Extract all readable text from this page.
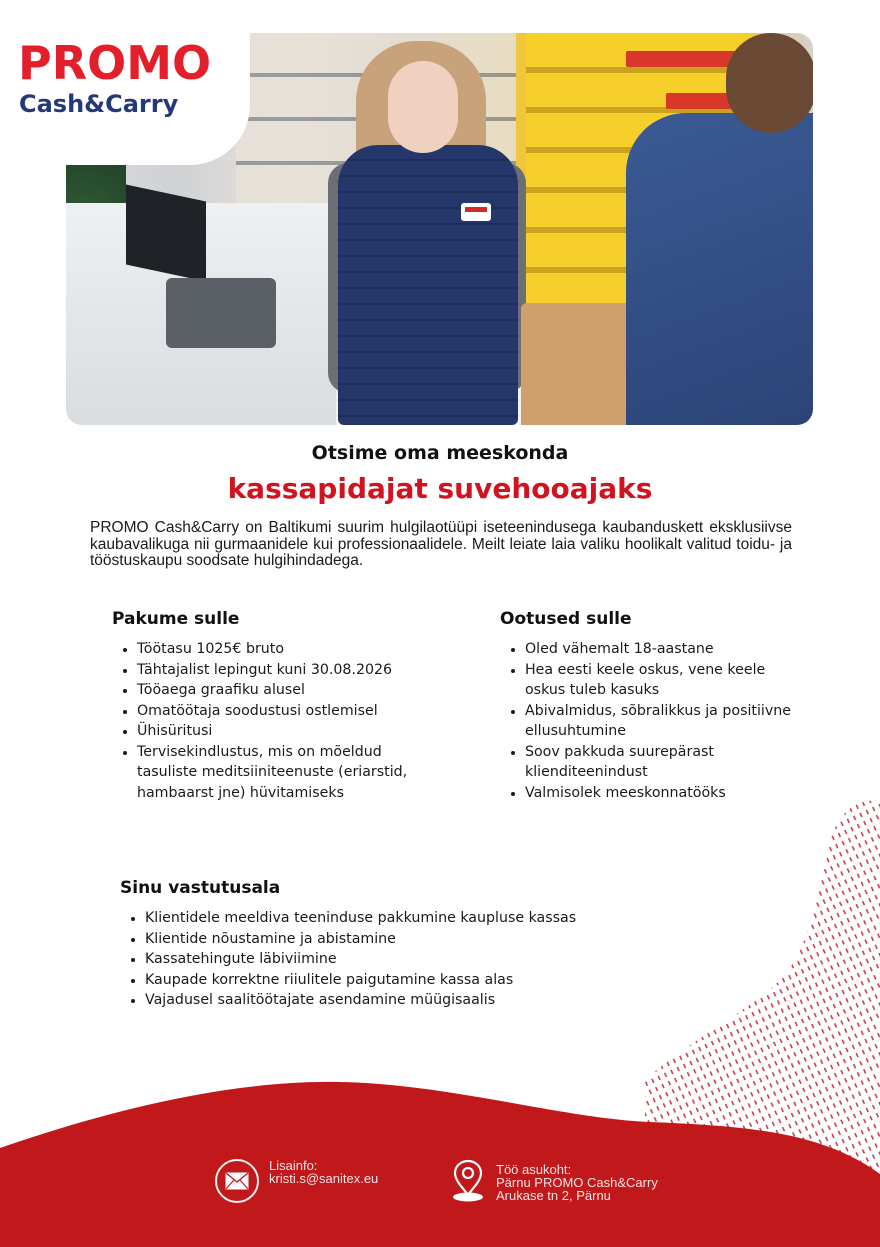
PROMO
Cash&Carry
Otsime oma meeskonda
kassapidajat suvehooajaks

PROMO Cash&Carry on Baltikumi suurim hulgilaotüüpi iseteenindusega kaubanduskett eksklusiivse kaubavalikuga nii gurmaanidele kui professionaalidele. Meilt leiate laia valiku hoolikalt valitud toidu- ja tööstuskaupu soodsate hulgihindadega.

Pakume sulle
• Töötasu 1025€ bruto
• Tähtajalist lepingut kuni 30.08.2026
• Tööaega graafiku alusel
• Omatöötaja soodustusi ostlemisel
• Ühisüritusi
• Tervisekindlustus, mis on mõeldud tasuliste meditsiiniteenuste (eriarstid, hambaarst jne) hüvitamiseks
Ootused sulle
• Oled vähemalt 18-aastane
• Hea eesti keele oskus, vene keele oskus tuleb kasuks
• Abivalmidus, sõbralikkus ja positiivne ellusuhtumine
• Soov pakkuda suurepärast klienditeenindust
• Valmisolek meeskonnatööks
Sinu vastutusala
• Klientidele meeldiva teeninduse pakkumine kaupluse kassas
• Klientide nõustamine ja abistamine
• Kassatehingute läbiviimine
• Kaupade korrektne riiulitele paigutamine kassa alas
• Vajadusel saalitöötajate asendamine müügisaalis
Lisainfo:
kristi.s@sanitex.eu
Töö asukoht:
Pärnu PROMO Cash&Carry
Arukase tn 2, Pärnu
